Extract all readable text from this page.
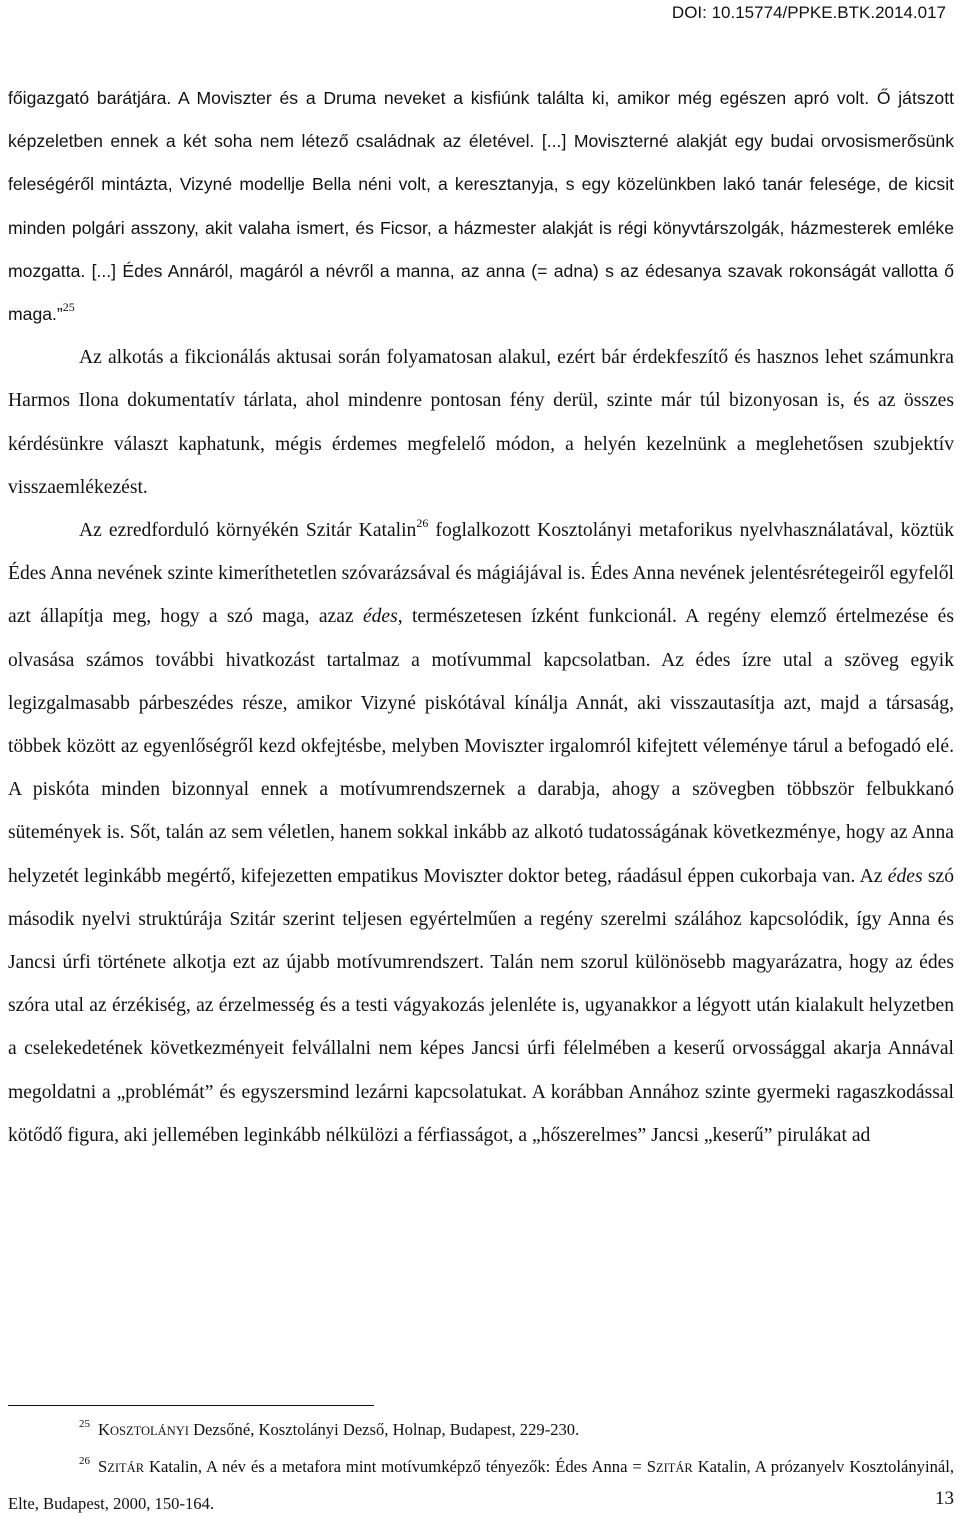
DOI: 10.15774/PPKE.BTK.2014.017

főigazgató barátjára. A Moviszter és a Druma neveket a kisfiúnk találta ki, amikor még egészen apró volt. Ő játszott képzeletben ennek a két soha nem létező családnak az életével. [...] Moviszterné alakját egy budai orvosismerősünk feleségéről mintázta, Vizyné modellje Bella néni volt, a keresztanyja, s egy közelünkben lakó tanár felesége, de kicsit minden polgári asszony, akit valaha ismert, és Ficsor, a házmester alakját is régi könyvtárszolgák, házmesterek emléke mozgatta. [...] Édes Annáról, magáról a névről a manna, az anna (= adna) s az édesanya szavak rokonságát vallotta ő maga.”$^{25}$

Az alkotás a fikcionálás aktusai során folyamatosan alakul, ezért bár érdekfeszítő és hasznos lehet számunkra Harmos Ilona dokumentatív tárlata, ahol mindenre pontosan fény derül, szinte már túl bizonyosan is, és az összes kérdésünkre választ kaphatunk, mégis érdemes megfelelő módon, a helyén kezelnünk a meglehetősen szubjektív visszaemlékezést.

Az ezredforduló környékén Szitár Katalin$^{26}$ foglalkozott Kosztolányi metaforikus nyelvhasználatával, köztük Édes Anna nevének szinte kimeríthetetlen szóvarázsával és mágiájával is. Édes Anna nevének jelentésrétegeiről egyfelől azt állapítja meg, hogy a szó maga, azaz édes, természetesen ízként funkcionál. A regény elemző értelmezése és olvasása számos további hivatkozást tartalmaz a motívummal kapcsolatban. Az édes ízre utal a szöveg egyik legizgalmasabb párbeszédes része, amikor Vizyné piskótával kínálja Annát, aki visszautasítja azt, majd a társaság, többek között az egyenlőségről kezd okfejtésbe, melyben Moviszter irgalomról kifejtett véleménye tárul a befogadó elé. A piskóta minden bizonnyal ennek a motívumrendszernek a darabja, ahogy a szövegben többször felbukkanó sütemények is. Sőt, talán az sem véletlen, hanem sokkal inkább az alkotó tudatosságának következménye, hogy az Anna helyzetét leginkább megértő, kifejezetten empatikus Moviszter doktor beteg, ráadásul éppen cukorbaja van. Az édes szó második nyelvi struktúrája Szitár szerint teljesen egyértelműen a regény szerelmi szálához kapcsolódik, így Anna és Jancsi úrfi története alkotja ezt az újabb motívumrendszert. Talán nem szorul különösebb magyarázatra, hogy az édes szóra utal az érzékiség, az érzelmesség és a testi vágyakozás jelenléte is, ugyanakkor a légyott után kialakult helyzetben a cselekedetének következményeit felvállalni nem képes Jancsi úrfi félelmében a keserű orvossággal akarja Annával megoldatni a „problémát” és egyszersmind lezárni kapcsolatukat. A korábban Annához szinte gyermeki ragaszkodással kötődő figura, aki jellemében leginkább nélkülözi a férfiasságot, a „hőszerelmes” Jancsi „keserű” pirulákat ad

$^{25}$ KOSZTOLÁNYI Dezsőné, Kosztolányi Dezső, Holnap, Budapest, 229-230.

$^{26}$ SZITÁR Katalin, A név és a metafora mint motívumképző tényezők: Édes Anna = SZITÁR Katalin, A prózanyelv Kosztolányinál, Elte, Budapest, 2000, 150-164.	13
